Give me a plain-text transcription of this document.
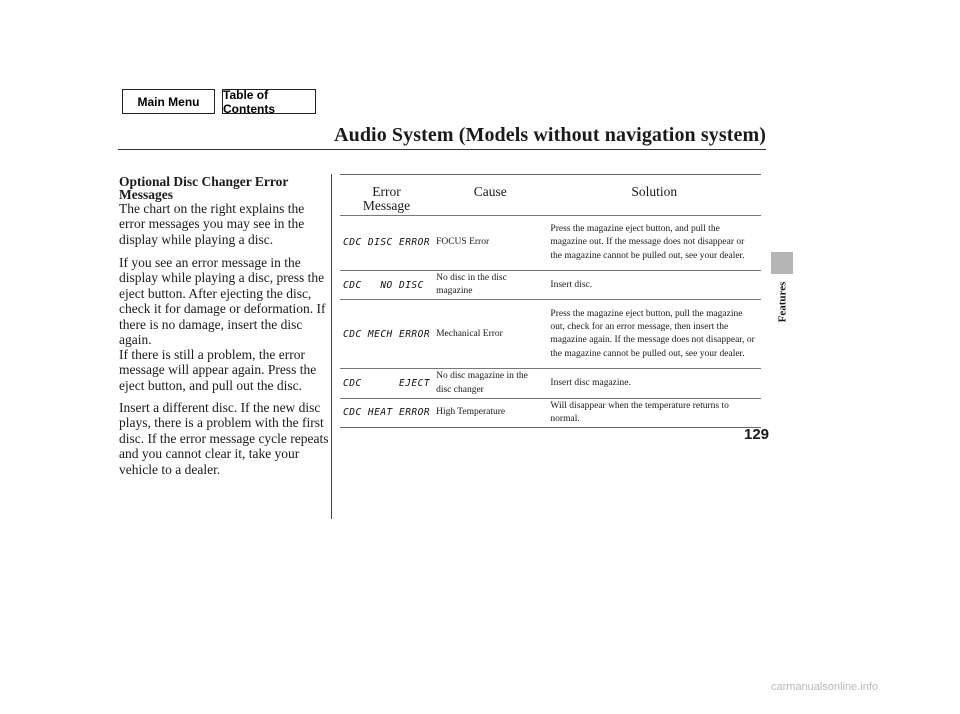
Main Menu	Table of Contents
Audio System (Models without navigation system)
Features
Optional Disc Changer Error Messages

The chart on the right explains the error messages you may see in the display while playing a disc.

If you see an error message in the display while playing a disc, press the eject button. After ejecting the disc, check it for damage or deformation. If there is no damage, insert the disc again.

If there is still a problem, the error message will appear again. Press the eject button, and pull out the disc.

Insert a different disc. If the new disc plays, there is a problem with the first disc. If the error message cycle repeats and you cannot clear it, take your vehicle to a dealer.

Error
Message	Cause	Solution
CDC DISC ERROR	FOCUS Error	Press the magazine eject button, and pull the magazine out. If the message does not disappear or the magazine cannot be pulled out, see your dealer.
CDC   NO DISC	No disc in the disc magazine	Insert disc.
CDC MECH ERROR	Mechanical Error	Press the magazine eject button, pull the magazine out, check for an error message, then insert the magazine again. If the message does not disappear, or the magazine cannot be pulled out, see your dealer.
CDC      EJECT	No disc magazine in the disc changer	Insert disc magazine.
CDC HEAT ERROR	High Temperature	Will disappear when the temperature returns to normal.
129
carmanualsonline.info
